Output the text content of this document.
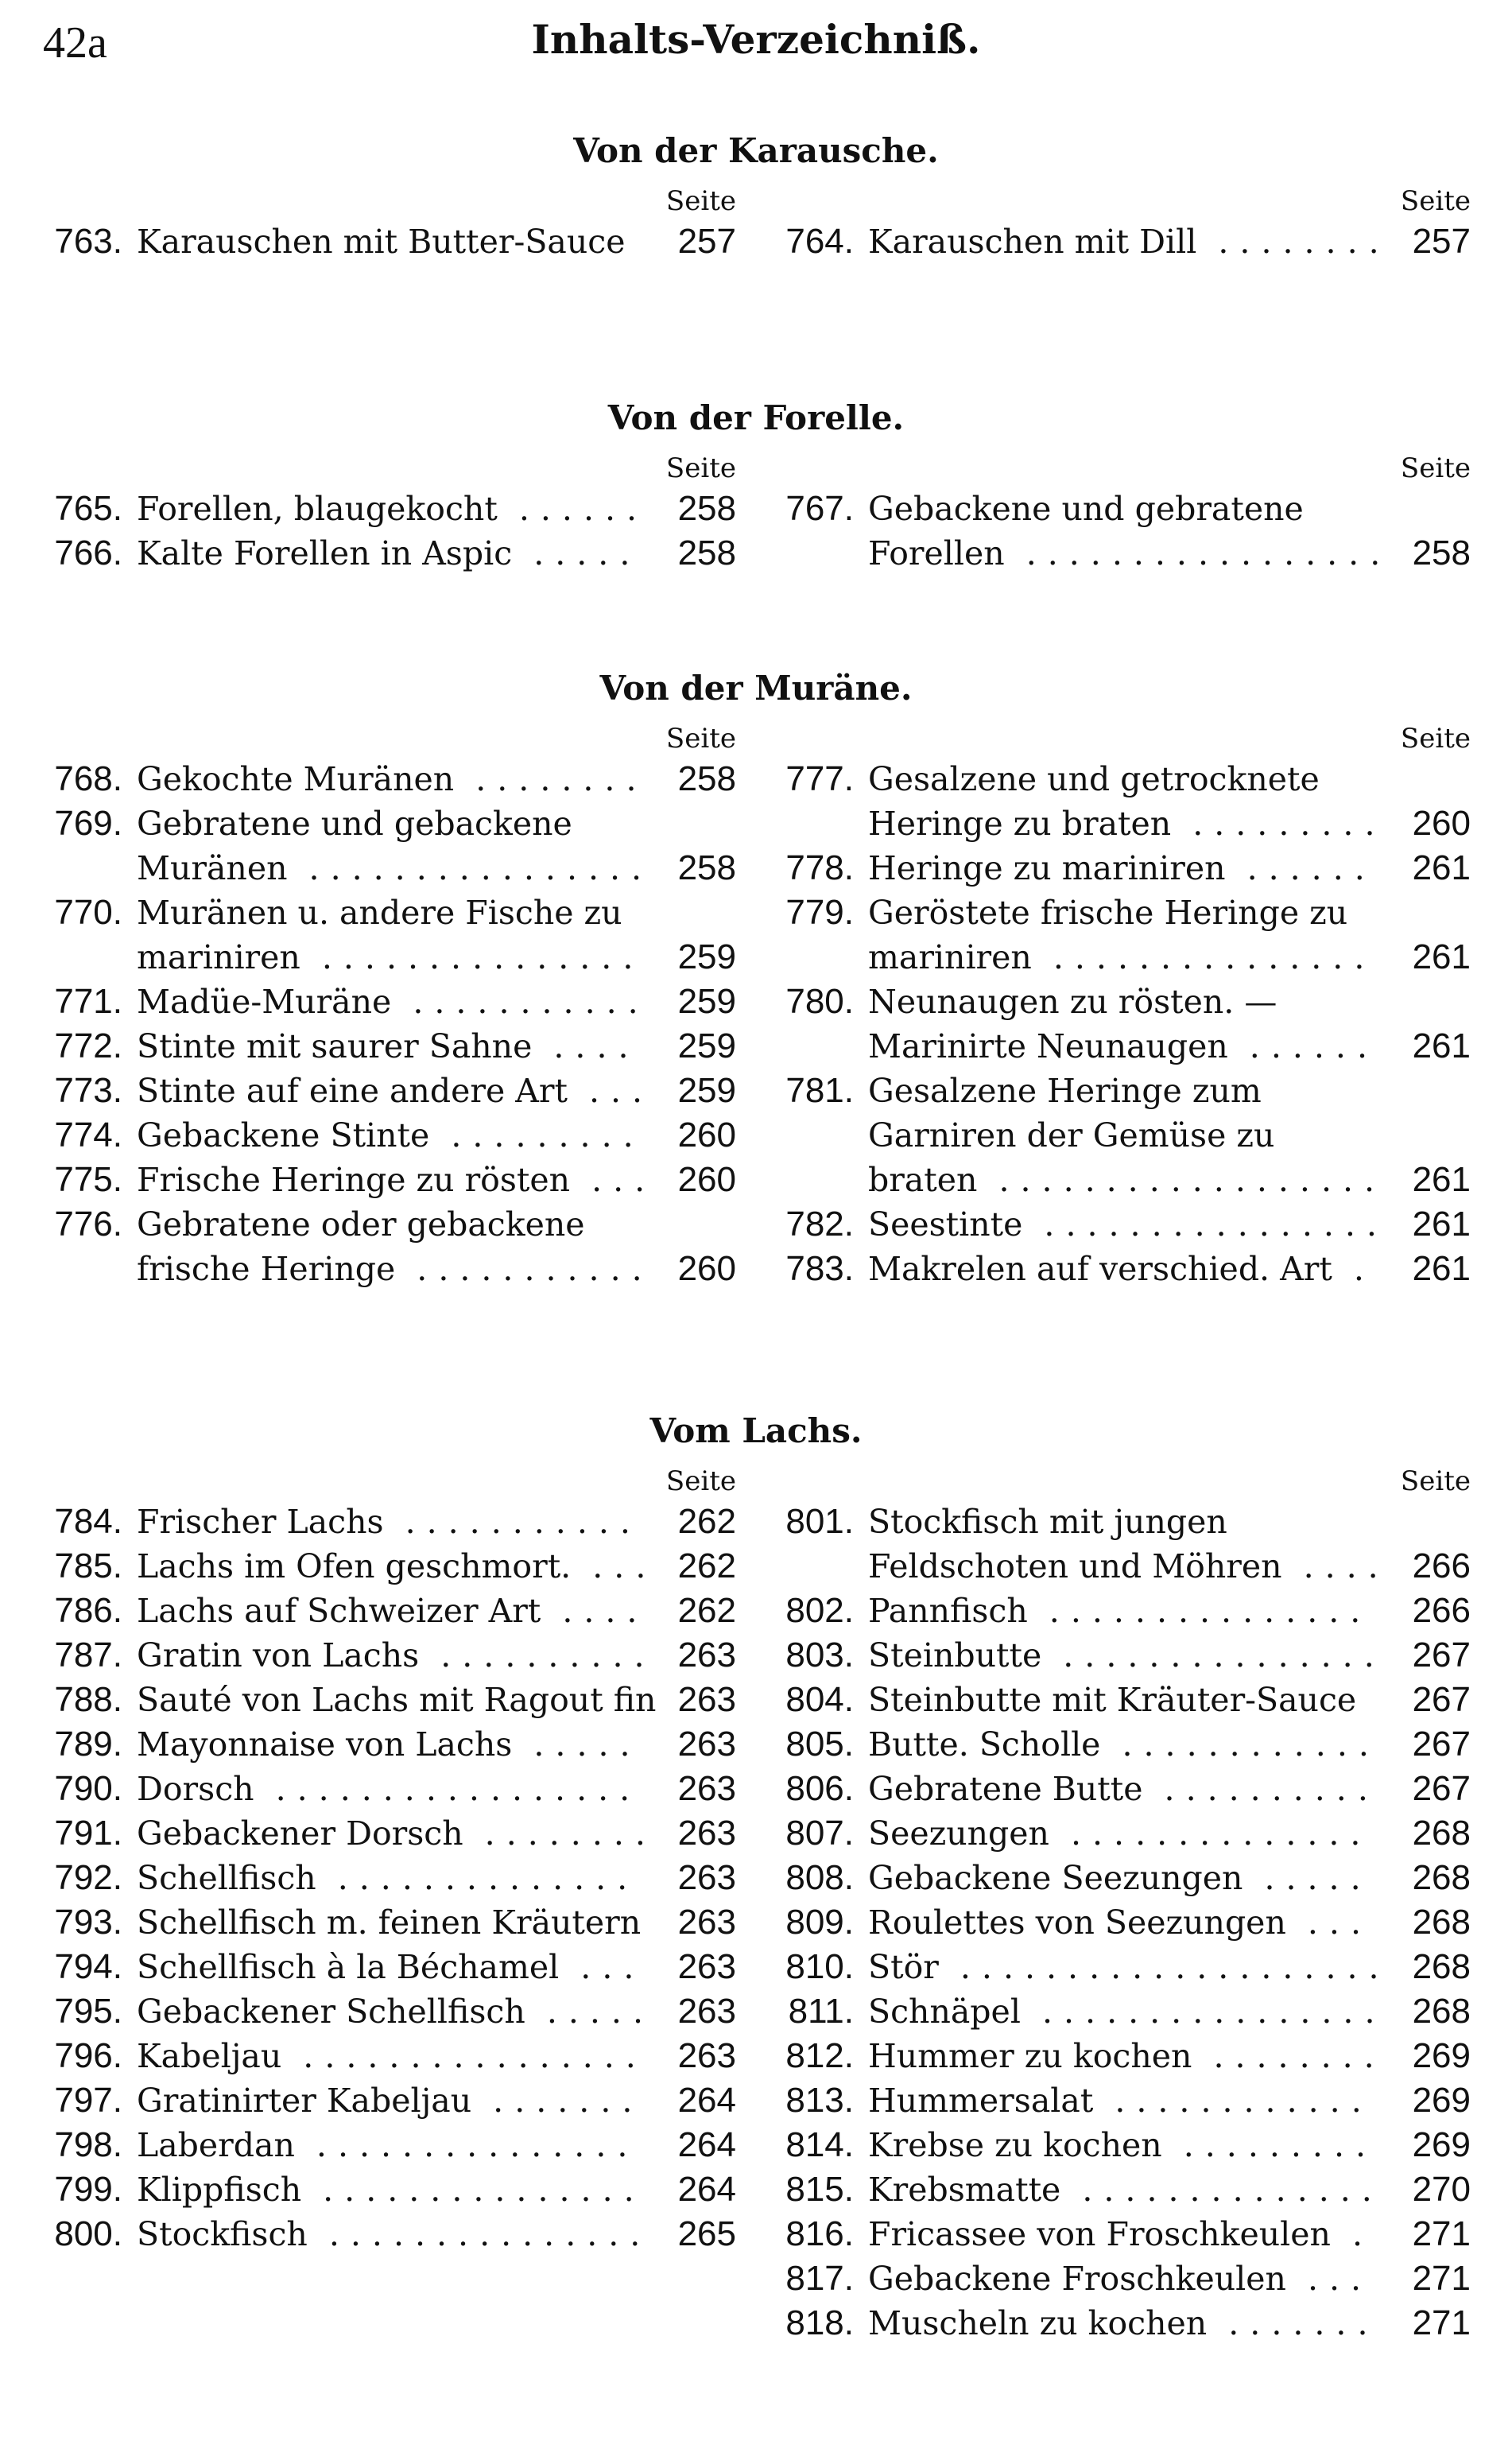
42a	Inhalts-Verzeichniß.
Von der Karausche.
Seite
763. Karauschen mit Butter-Sauce	257
Seite
764. Karauschen mit Dill ........ 257
Von der Forelle.
Seite
765. Forellen, blaugekocht ...... 258
766. Kalte Forellen in Aspic .....	258
Seite
767. Gebackene und gebratene Forellen ................. 258
Von der Muräne.
Seite
768. Gekochte Muränen ........ 258
769. Gebratene und gebackene Muränen ................ 258
770. Muränen u. andere Fische zu mariniren ............... 259
771. Madüe-Muräne ........... 259
772. Stinte mit saurer Sahne ....	259
773. Stinte auf eine andere Art ... 259
774. Gebackene Stinte ......... 260
775. Frische Heringe zu rösten ... 260
776. Gebratene oder gebackene frische Heringe ........... 260
Seite
777. Gesalzene und getrocknete Heringe zu braten ......... 260
778. Heringe zu mariniren ......	261
779. Geröstete frische Heringe zu mariniren ...............	261
780. Neunaugen zu rösten. — Marinirte Neunaugen ...... 261
781. Gesalzene Heringe zum Garniren der Gemüse zu braten .................. 261
782. Seestinte ................ 261
783. Makrelen auf verschied. Art .	261
Vom Lachs.
Seite
784. Frischer Lachs ...........	262
785. Lachs im Ofen geschmort. ... 262
786. Lachs auf Schweizer Art .... 262
787. Gratin von Lachs .......... 263
788. Sauté von Lachs mit Ragout fin 263
789. Mayonnaise von Lachs .....	263
790. Dorsch .................	263
791. Gebackener Dorsch ........ 263
792. Schellfisch ..............	263
793. Schellfisch m. feinen Kräutern	263
794. Schellfisch à la Béchamel ... 263
795. Gebackener Schellfisch ..... 263
796. Kabeljau ................ 263
797. Gratinirter Kabeljau ....... 264
798. Laberdan ...............	264
799. Klippfisch ............... 264
800. Stockfisch ............... 265
Seite
801. Stockfisch mit jungen Feldschoten und Möhren .... 266
802. Pannfisch ...............	266
803. Steinbutte ............... 267
804. Steinbutte mit Kräuter-Sauce	267
805. Butte. Scholle ............ 267
806. Gebratene Butte .......... 267
807. Seezungen ..............	268
808. Gebackene Seezungen .....	268
809. Roulettes von Seezungen ...	268
810. Stör .................... 268
811. Schnäpel ................ 268
812. Hummer zu kochen ........ 269
813. Hummersalat ............	269
814. Krebse zu kochen .........	269
815. Krebsmatte .............. 270
816. Fricassee von Froschkeulen .	271
817. Gebackene Froschkeulen ...	271
818. Muscheln zu kochen ....... 271
